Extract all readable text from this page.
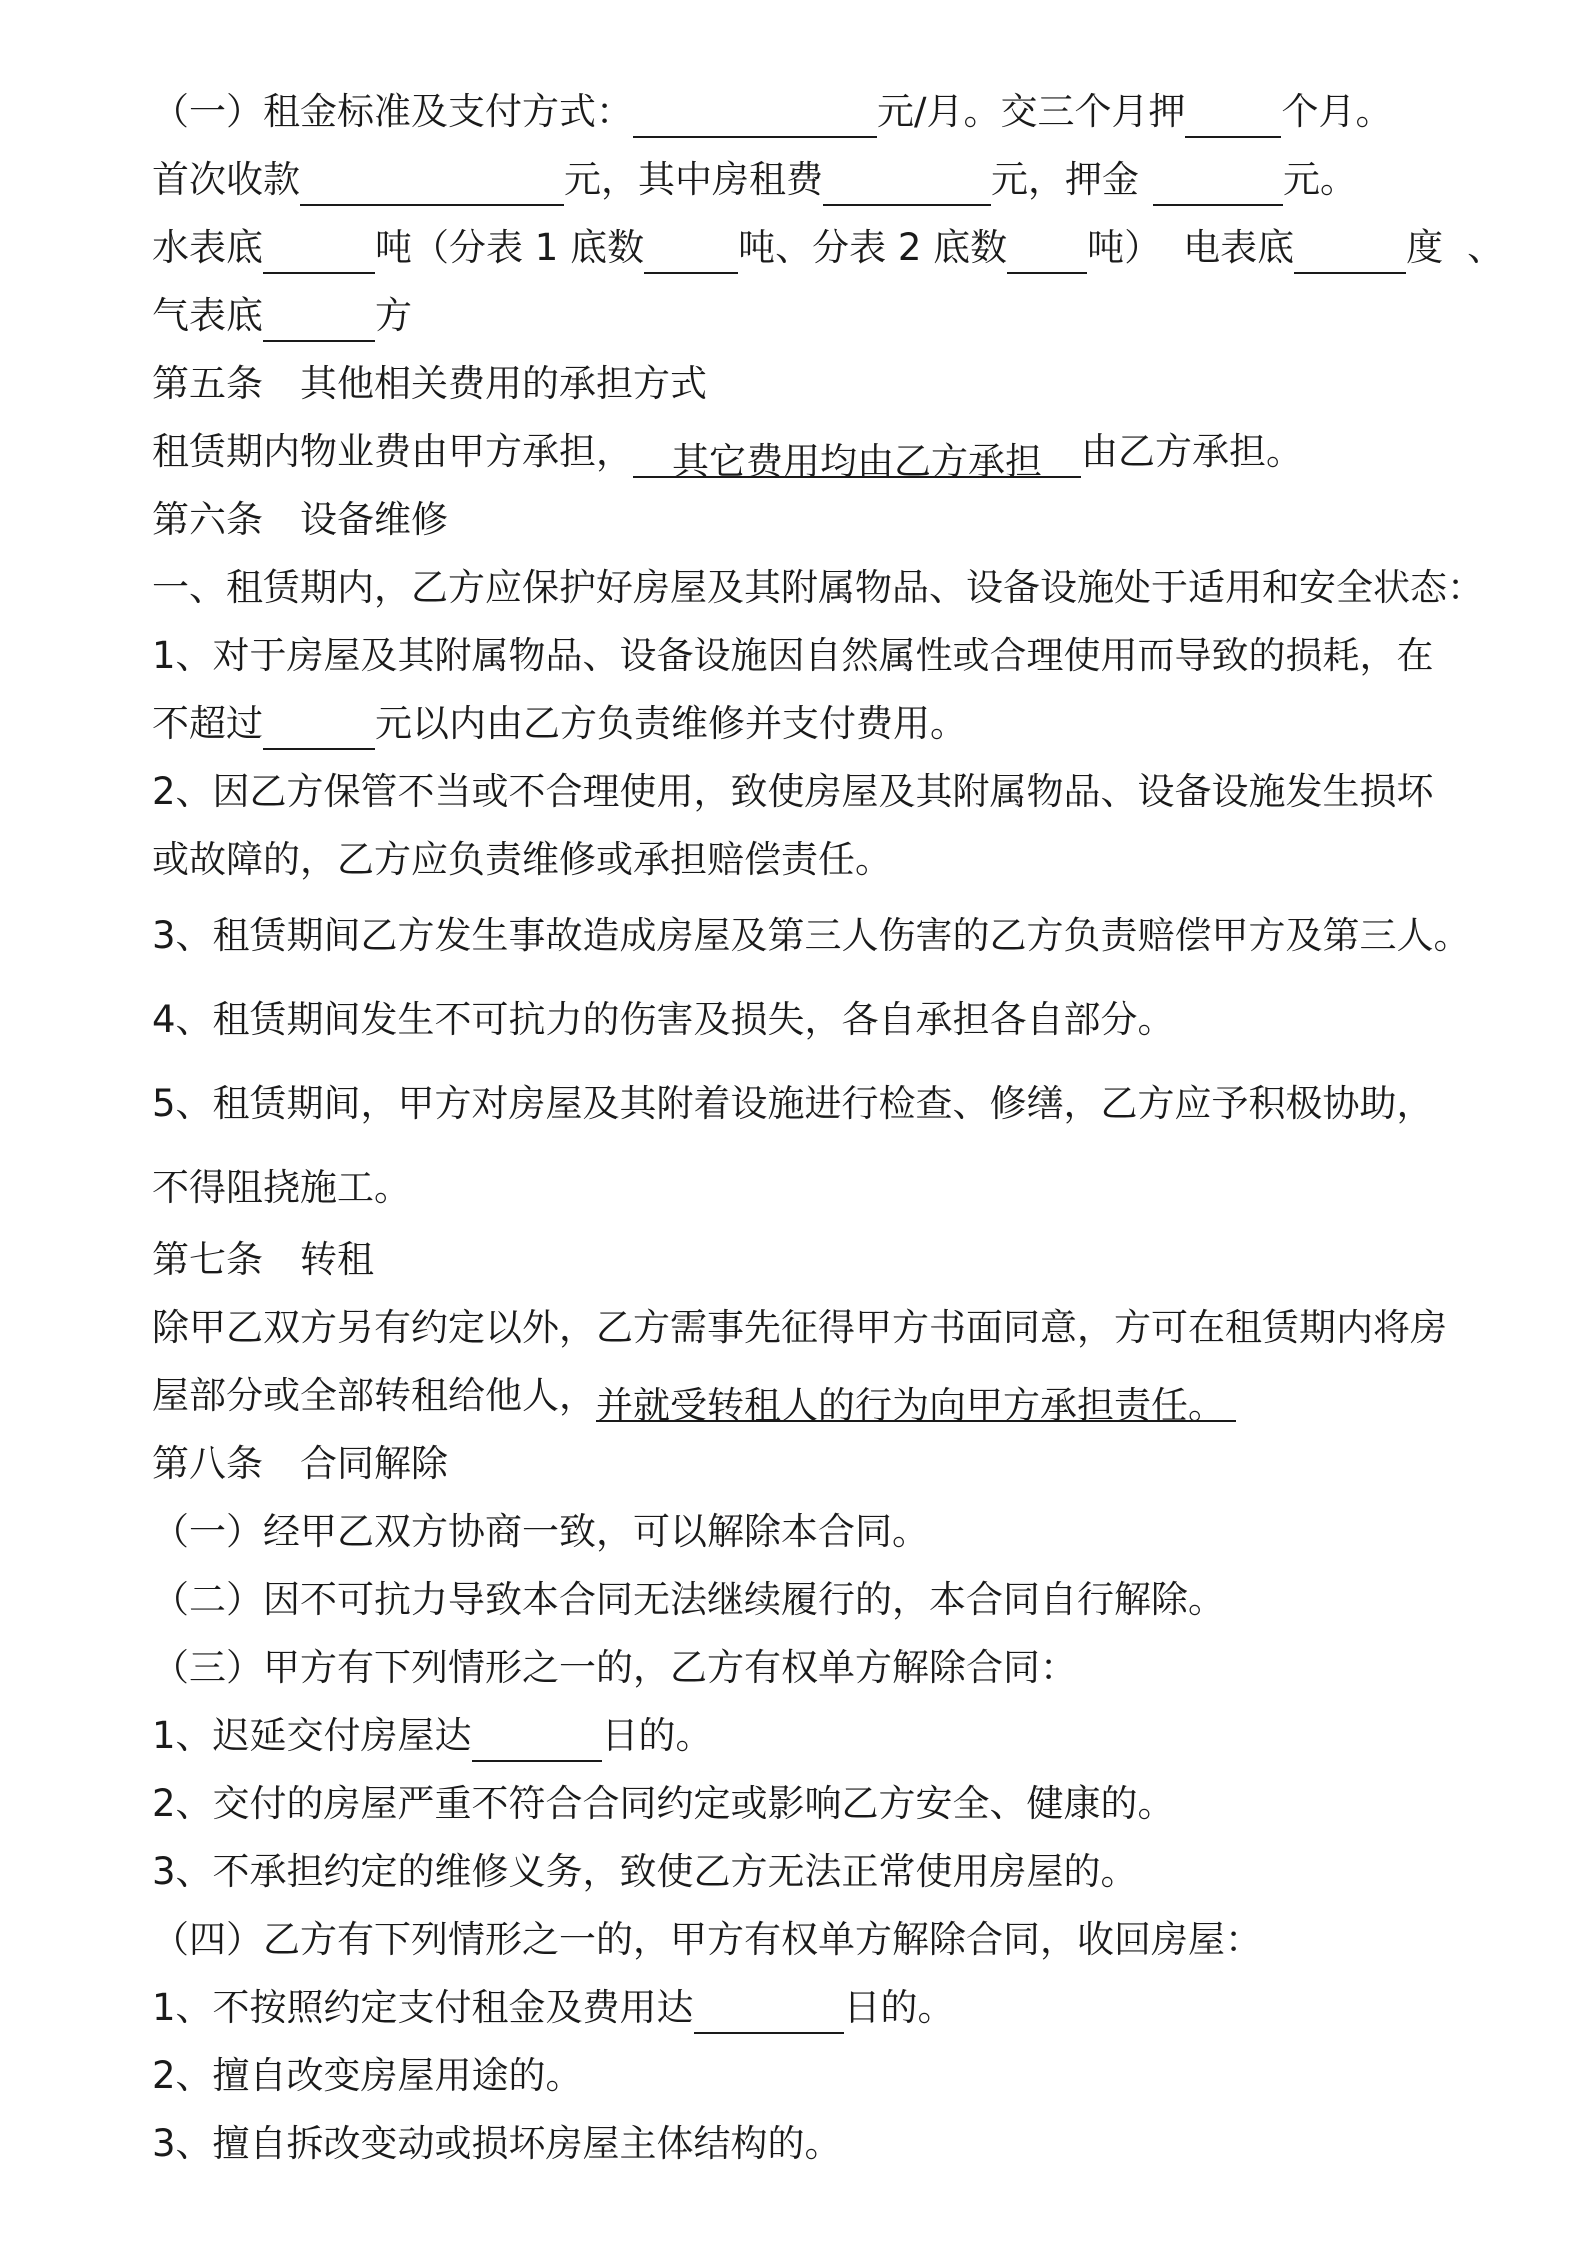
（一）租金标准及支付方式：	元/月。交三个月押	个月。
首次收款	元，其中房租费	元，押金	元。
水表底	吨（分表 1 底数	吨、分表 2 底数 吨） 电表底	度 、
气表底	方
第五条　其他相关费用的承担方式
租赁期内物业费由甲方承担， 其它费用均由乙方承担 由乙方承担。
第六条　设备维修
一、租赁期内，乙方应保护好房屋及其附属物品、设备设施处于适用和安全状态：
1、对于房屋及其附属物品、设备设施因自然属性或合理使用而导致的损耗，在
不超过	元以内由乙方负责维修并支付费用。
2、因乙方保管不当或不合理使用，致使房屋及其附属物品、设备设施发生损坏
或故障的，乙方应负责维修或承担赔偿责任。
3、租赁期间乙方发生事故造成房屋及第三人伤害的乙方负责赔偿甲方及第三人。
4、租赁期间发生不可抗力的伤害及损失，各自承担各自部分。
5、租赁期间，甲方对房屋及其附着设施进行检查、修缮，乙方应予积极协助，
不得阻挠施工。
第七条　转租
除甲乙双方另有约定以外，乙方需事先征得甲方书面同意，方可在租赁期内将房
屋部分或全部转租给他人，并就受转租人的行为向甲方承担责任。
第八条　合同解除
（一）经甲乙双方协商一致，可以解除本合同。
（二）因不可抗力导致本合同无法继续履行的，本合同自行解除。
（三）甲方有下列情形之一的，乙方有权单方解除合同：
1、迟延交付房屋达	日的。
2、交付的房屋严重不符合合同约定或影响乙方安全、健康的。
3、不承担约定的维修义务，致使乙方无法正常使用房屋的。
（四）乙方有下列情形之一的，甲方有权单方解除合同，收回房屋：
1、不按照约定支付租金及费用达	日的。
2、擅自改变房屋用途的。
3、擅自拆改变动或损坏房屋主体结构的。
